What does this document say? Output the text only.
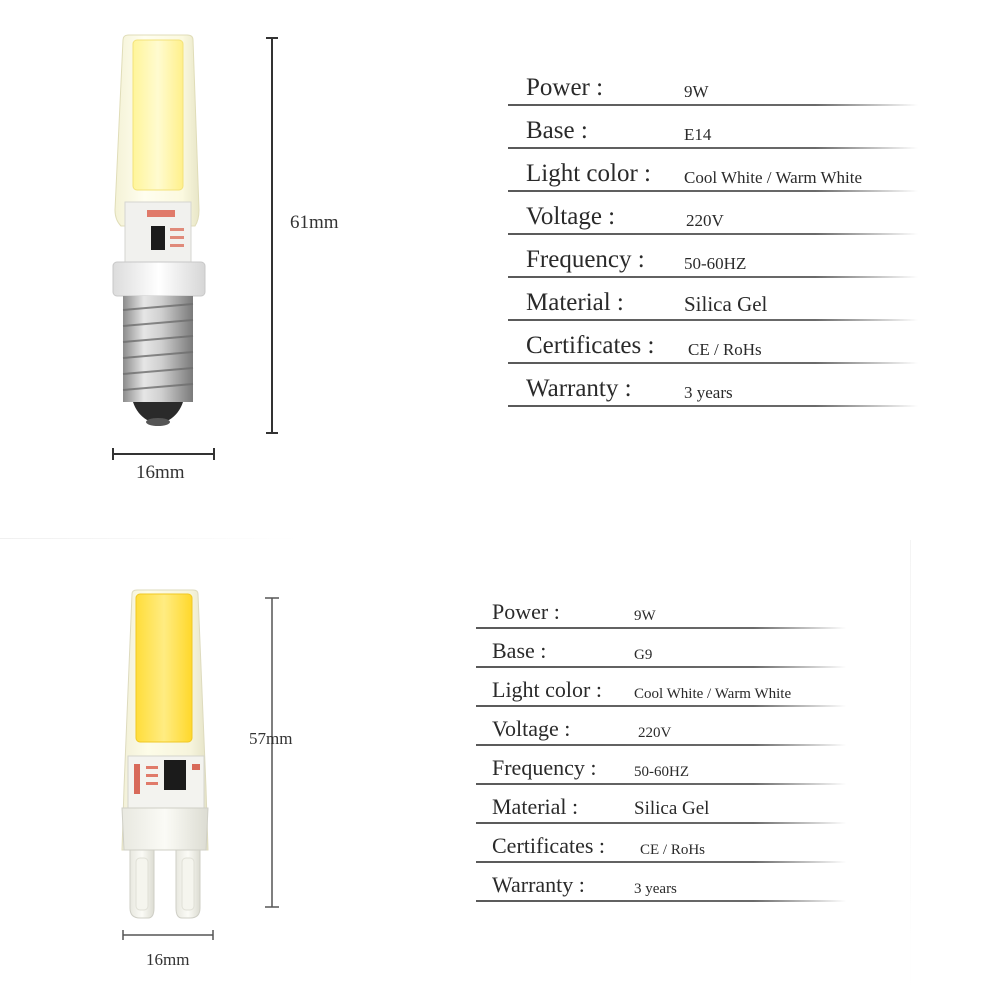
61mm
16mm
Power :	9W
Base :	E14
Light color : Cool White / Warm White
Voltage :	220V
Frequency : 50-60HZ
Material :	Silica Gel
Certificates : CE / RoHs
Warranty :	3 years
57mm
16mm
Power :	9W
Base :	G9
Light color : Cool White / Warm White
Voltage :	220V
Frequency :	50-60HZ
Material :	Silica Gel
Certificates : CE / RoHs
Warranty :	3 years
